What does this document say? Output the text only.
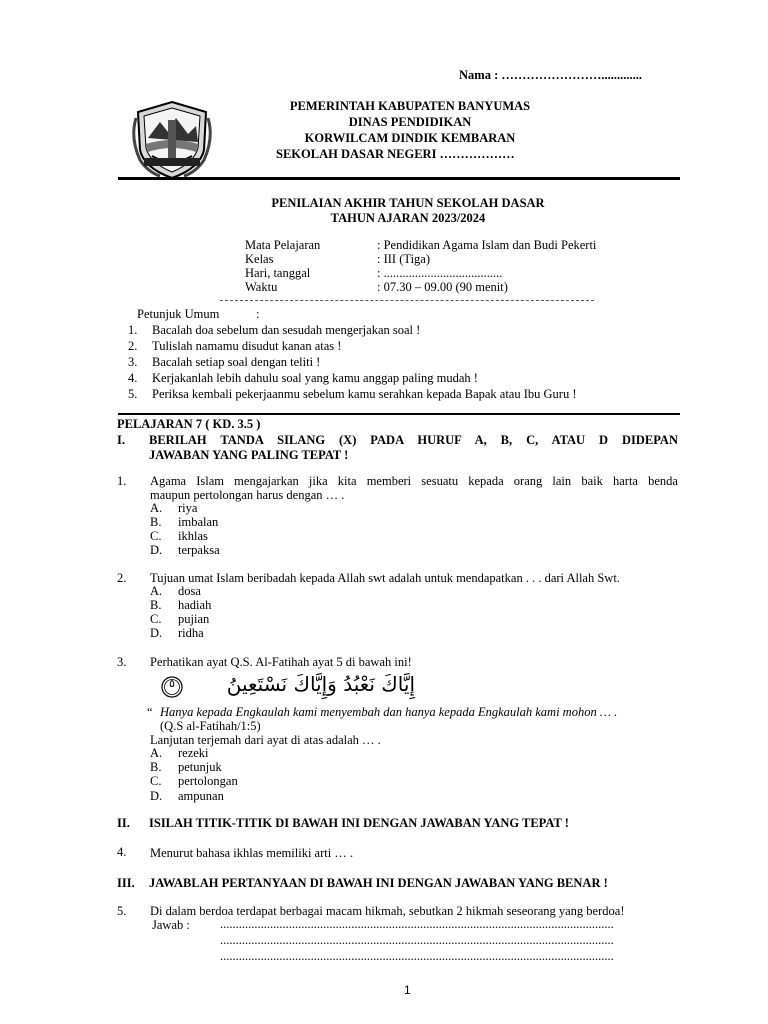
Nama : …………………….............
PEMERINTAH KABUPATEN BANYUMAS
DINAS PENDIDIKAN
KORWILCAM DINDIK KEMBARAN
SEKOLAH DASAR NEGERI ………………
PENILAIAN AKHIR TAHUN SEKOLAH DASAR
TAHUN AJARAN 2023/2024
Mata Pelajaran	: Pendidikan Agama Islam dan Budi Pekerti
Kelas	: III (Tiga)
Hari, tanggal	: ......................................
Waktu	: 07.30 – 09.00 (90 menit)
Petunjuk Umum	:
1. Bacalah doa sebelum dan sesudah mengerjakan soal !
2. Tulislah namamu disudut kanan atas !
3. Bacalah setiap soal dengan teliti !
4. Kerjakanlah lebih dahulu soal yang kamu anggap paling mudah !
5. Periksa kembali pekerjaanmu sebelum kamu serahkan kepada Bapak atau Ibu Guru !
PELAJARAN 7 ( KD. 3.5 )
I. BERILAH TANDA SILANG (X) PADA HURUF A, B, C, ATAU D DIDEPAN
JAWABAN YANG PALING TEPAT !
1. Agama Islam mengajarkan jika kita memberi sesuatu kepada orang lain baik harta benda
maupun pertolongan harus dengan … .
A. riya
B. imbalan
C. ikhlas
D. terpaksa
2. Tujuan umat Islam beribadah kepada Allah swt adalah untuk mendapatkan . . . dari Allah Swt.
A. dosa
B. hadiah
C. pujian
D. ridha
3. Perhatikan ayat Q.S. Al-Fatihah ayat 5 di bawah ini!
٥	إِيَّاكَ نَعْبُدُ وَإِيَّاكَ نَسْتَعِينُ
“ Hanya kepada Engkaulah kami menyembah dan hanya kepada Engkaulah kami mohon … .
(Q.S al-Fatihah/1:5)
Lanjutan terjemah dari ayat di atas adalah … .
A. rezeki
B. petunjuk
C. pertolongan
D. ampunan
II. ISILAH TITIK-TITIK DI BAWAH INI DENGAN JAWABAN YANG TEPAT !
4. Menurut bahasa ikhlas memiliki arti … .
III. JAWABLAH PERTANYAAN DI BAWAH INI DENGAN JAWABAN YANG BENAR !
5. Di dalam berdoa terdapat berbagai macam hikmah, sebutkan 2 hikmah seseorang yang berdoa!
Jawab : ..............................................................................................................................
..............................................................................................................................
..............................................................................................................................
1
